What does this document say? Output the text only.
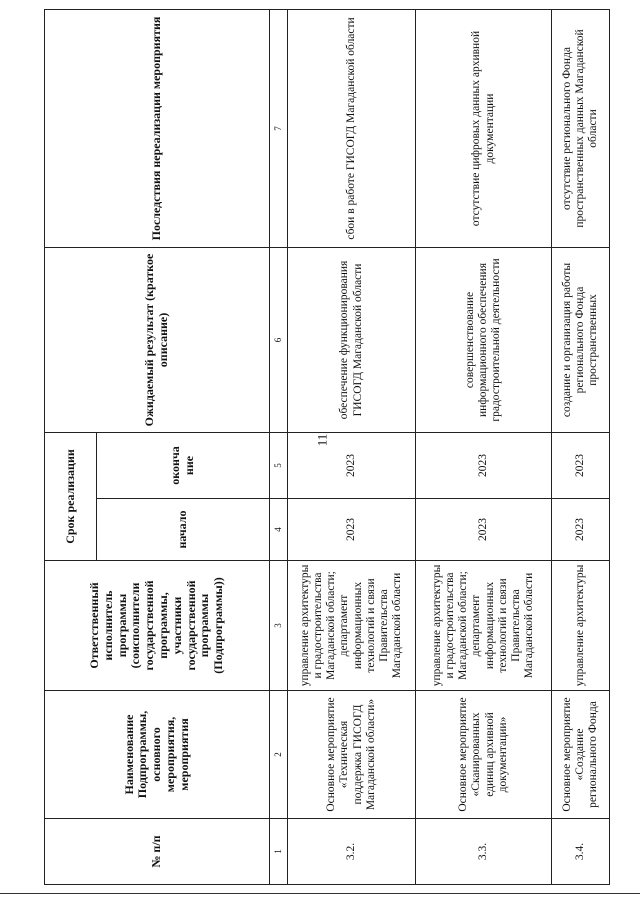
11
№ п/п	Наименование Подпрограммы, основного мероприятия, мероприятия	Ответственный исполнитель программы (соисполнители государственной программы, участники государственной программы (Подпрограммы))	Срок реализации		Ожидаемый результат (краткое описание)	Последствия нереализации мероприятия
			начало	оконча ние		
1	2	3	4	5	6	7
3.2.	Основное мероприятие «Техническая поддержка ГИСОГД Магаданской области»	управление архитектуры и градостроительства Магаданской области; департамент информационных технологий и связи Правительства Магаданской области	2023	2023	обеспечение функционирования ГИСОГД Магаданской области	сбои в работе ГИСОГД Магаданской области
3.3.	Основное мероприятие «Сканированных единиц архивной документации»	управление архитектуры и градостроительства Магаданской области; департамент информационных технологий и связи Правительства Магаданской области	2023	2023	совершенствование информационного обеспечения градостроительной деятельности	отсутствие цифровых данных архивной документации
3.4.	Основное мероприятие «Создание регионального Фонда	управление архитектуры	2023	2023	создание и организация работы регионального Фонда пространственных	отсутствие регионального Фонда пространственных данных Магаданской области
